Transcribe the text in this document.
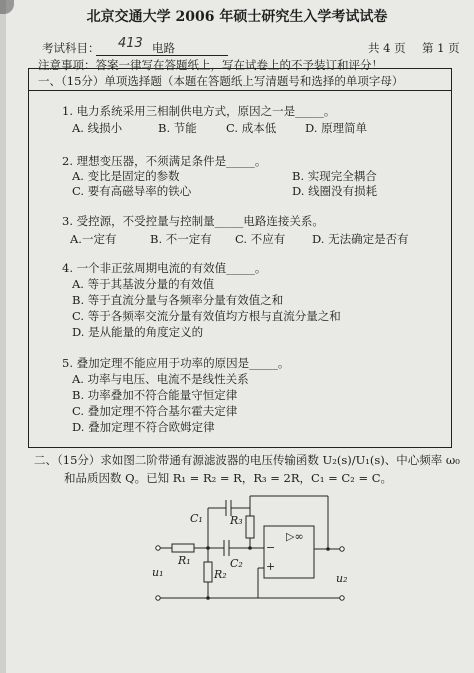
北京交通大学 2006 年硕士研究生入学考试试卷
考试科目： 413 电路	共 4 页 第 1 页
注意事项：答案一律写在答题纸上，写在试卷上的不予装订和评分！
一、（15分）单项选择题（本题在答题纸上写清题号和选择的单项字母）
1. 电力系统采用三相制供电方式，原因之一是_____。
A. 线损小	B. 节能	C. 成本低	D. 原理简单
2. 理想变压器，不须满足条件是_____。
A. 变比是固定的参数	B. 实现完全耦合
C. 要有高磁导率的铁心	D. 线圈没有损耗
3. 受控源，不受控量与控制量_____电路连接关系。
A.一定有	B. 不一定有 C. 不应有 D. 无法确定是否有
4. 一个非正弦周期电流的有效值_____。
A. 等于其基波分量的有效值
B. 等于直流分量与各频率分量有效值之和
C. 等于各频率交流分量有效值均方根与直流分量之和
D. 是从能量的角度定义的
5. 叠加定理不能应用于功率的原因是_____。
A. 功率与电压、电流不是线性关系
B. 功率叠加不符合能量守恒定律
C. 叠加定理不符合基尔霍夫定律
D. 叠加定理不符合欧姆定律
二、（15分）求如图二阶带通有源滤波器的电压传输函数 U₂(s)/U₁(s)、中心频率 ω₀
和品质因数 Q。已知 R₁ = R₂ = R，R₃ = 2R，C₁ = C₂ = C。
C₁ R₃
R₁	C₂
R₂
u₁	u₂
▷∞
−
+
